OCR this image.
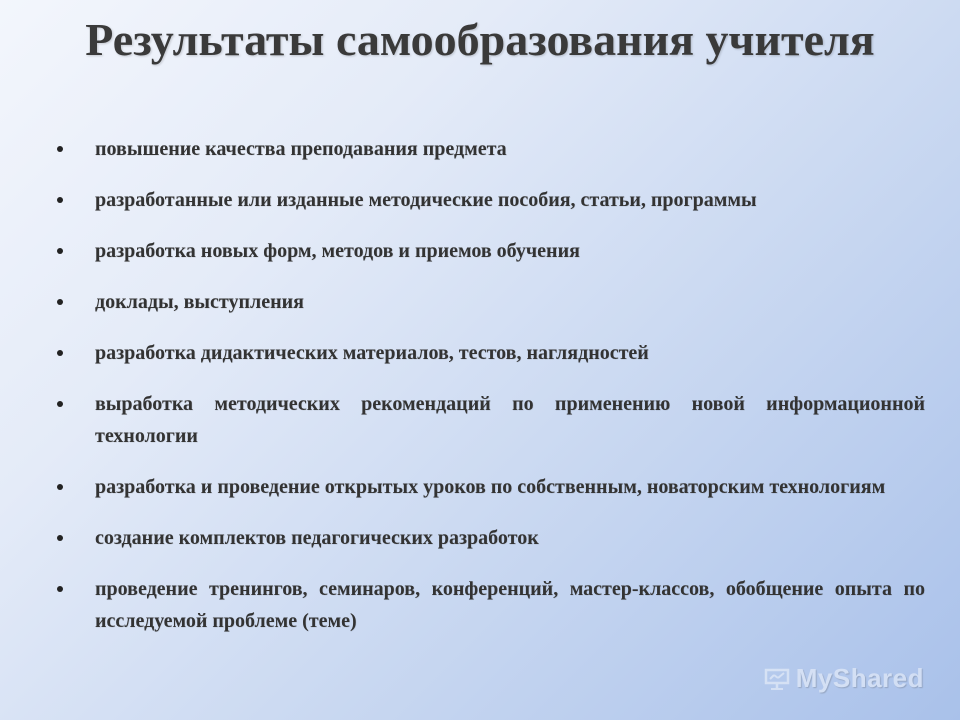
Результаты самообразования учителя
повышение качества преподавания предмета
разработанные или изданные методические пособия, статьи, программы
разработка новых форм, методов и приемов обучения
доклады, выступления
разработка дидактических материалов, тестов, наглядностей
выработка методических рекомендаций по применению новой информационной технологии
разработка и проведение открытых уроков по собственным, новаторским технологиям
создание комплектов педагогических разработок
проведение тренингов, семинаров, конференций, мастер-классов, обобщение опыта по исследуемой проблеме (теме)
MyShared
